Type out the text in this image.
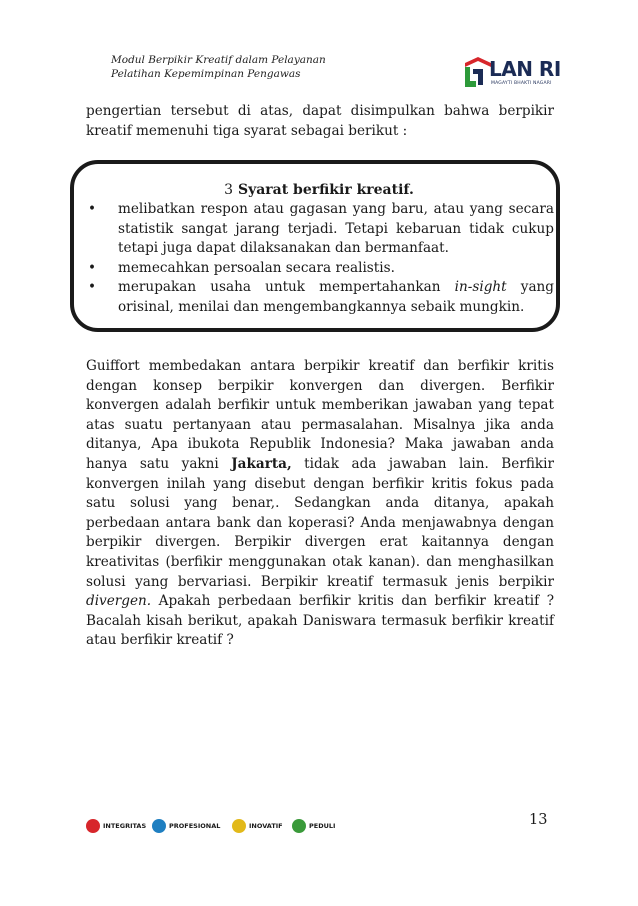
Modul Berpikir Kreatif dalam Pelayanan
Pelatihan Kepemimpinan Pengawas	LAN RI
MAGAYTI BHAKTI NAGARI
pengertian tersebut di atas, dapat disimpulkan bahwa berpikir kreatif memenuhi tiga syarat sebagai berikut :
3 Syarat berfikir kreatif.
• melibatkan respon atau gagasan yang baru, atau yang secara statistik sangat jarang terjadi. Tetapi kebaruan tidak cukup tetapi juga dapat dilaksanakan dan bermanfaat.
• memecahkan persoalan secara realistis.
• merupakan usaha untuk mempertahankan in-sight yang orisinal, menilai dan mengembangkannya sebaik mungkin.
Guiffort membedakan antara berpikir kreatif dan berfikir kritis dengan konsep berpikir konvergen dan divergen. Berfikir konvergen adalah berfikir untuk memberikan jawaban yang tepat atas suatu pertanyaan atau permasalahan. Misalnya jika anda ditanya, Apa ibukota Republik Indonesia? Maka jawaban anda hanya satu yakni Jakarta, tidak ada jawaban lain. Berfikir konvergen inilah yang disebut dengan berfikir kritis fokus pada satu solusi yang benar,. Sedangkan anda ditanya, apakah perbedaan antara bank dan koperasi? Anda menjawabnya dengan berpikir divergen. Berpikir divergen erat kaitannya dengan kreativitas (berfikir menggunakan otak kanan). dan menghasilkan solusi yang bervariasi. Berpikir kreatif termasuk jenis berpikir divergen. Apakah perbedaan berfikir kritis dan berfikir kreatif ? Bacalah kisah berikut, apakah Daniswara termasuk berfikir kreatif atau berfikir kreatif ?
INTEGRITAS	PROFESIONAL	INOVATIF	PEDULI	13
